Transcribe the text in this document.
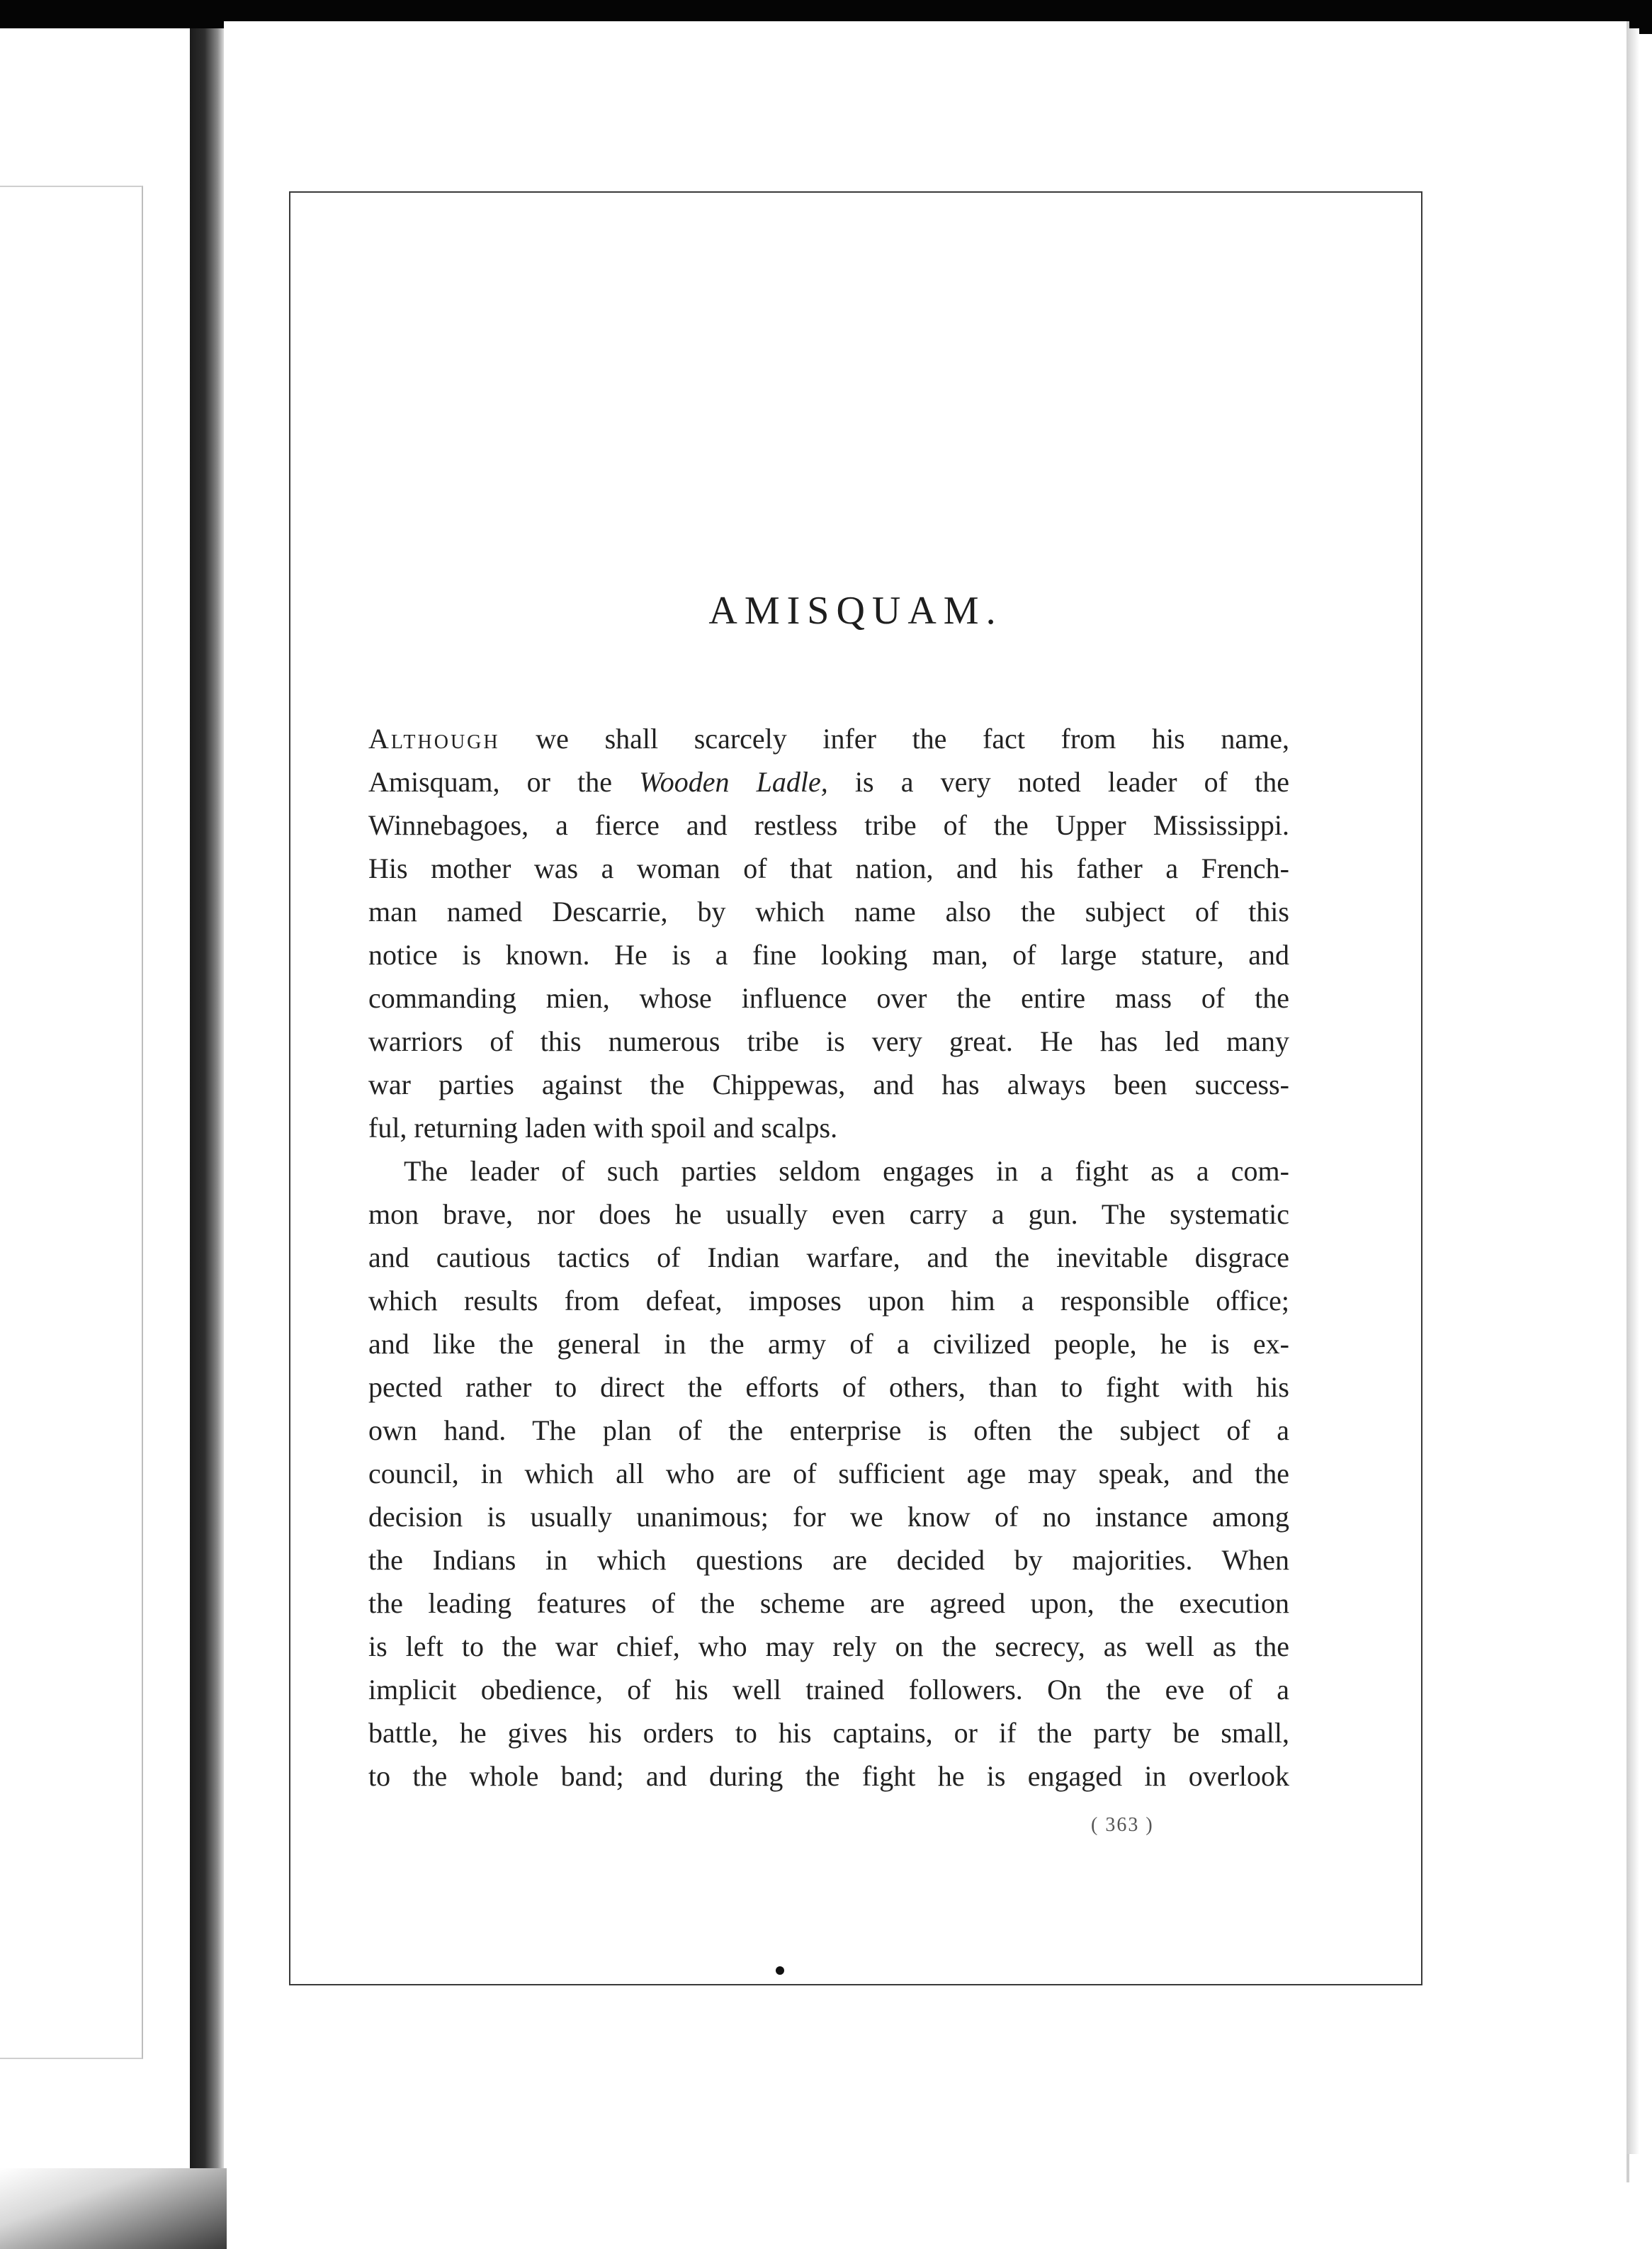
AMISQUAM.
Although we shall scarcely infer the fact from his name,
Amisquam, or the Wooden Ladle, is a very noted leader of the
Winnebagoes, a fierce and restless tribe of the Upper Mississippi.
His mother was a woman of that nation, and his father a French-
man named Descarrie, by which name also the subject of this
notice is known. He is a fine looking man, of large stature, and
commanding mien, whose influence over the entire mass of the
warriors of this numerous tribe is very great. He has led many
war parties against the Chippewas, and has always been success-
ful, returning laden with spoil and scalps.
The leader of such parties seldom engages in a fight as a com-
mon brave, nor does he usually even carry a gun. The systematic
and cautious tactics of Indian warfare, and the inevitable disgrace
which results from defeat, imposes upon him a responsible office;
and like the general in the army of a civilized people, he is ex-
pected rather to direct the efforts of others, than to fight with his
own hand. The plan of the enterprise is often the subject of a
council, in which all who are of sufficient age may speak, and the
decision is usually unanimous; for we know of no instance among
the Indians in which questions are decided by majorities. When
the leading features of the scheme are agreed upon, the execution
is left to the war chief, who may rely on the secrecy, as well as the
implicit obedience, of his well trained followers. On the eve of a
battle, he gives his orders to his captains, or if the party be small,
to the whole band; and during the fight he is engaged in overlook
( 363 )
